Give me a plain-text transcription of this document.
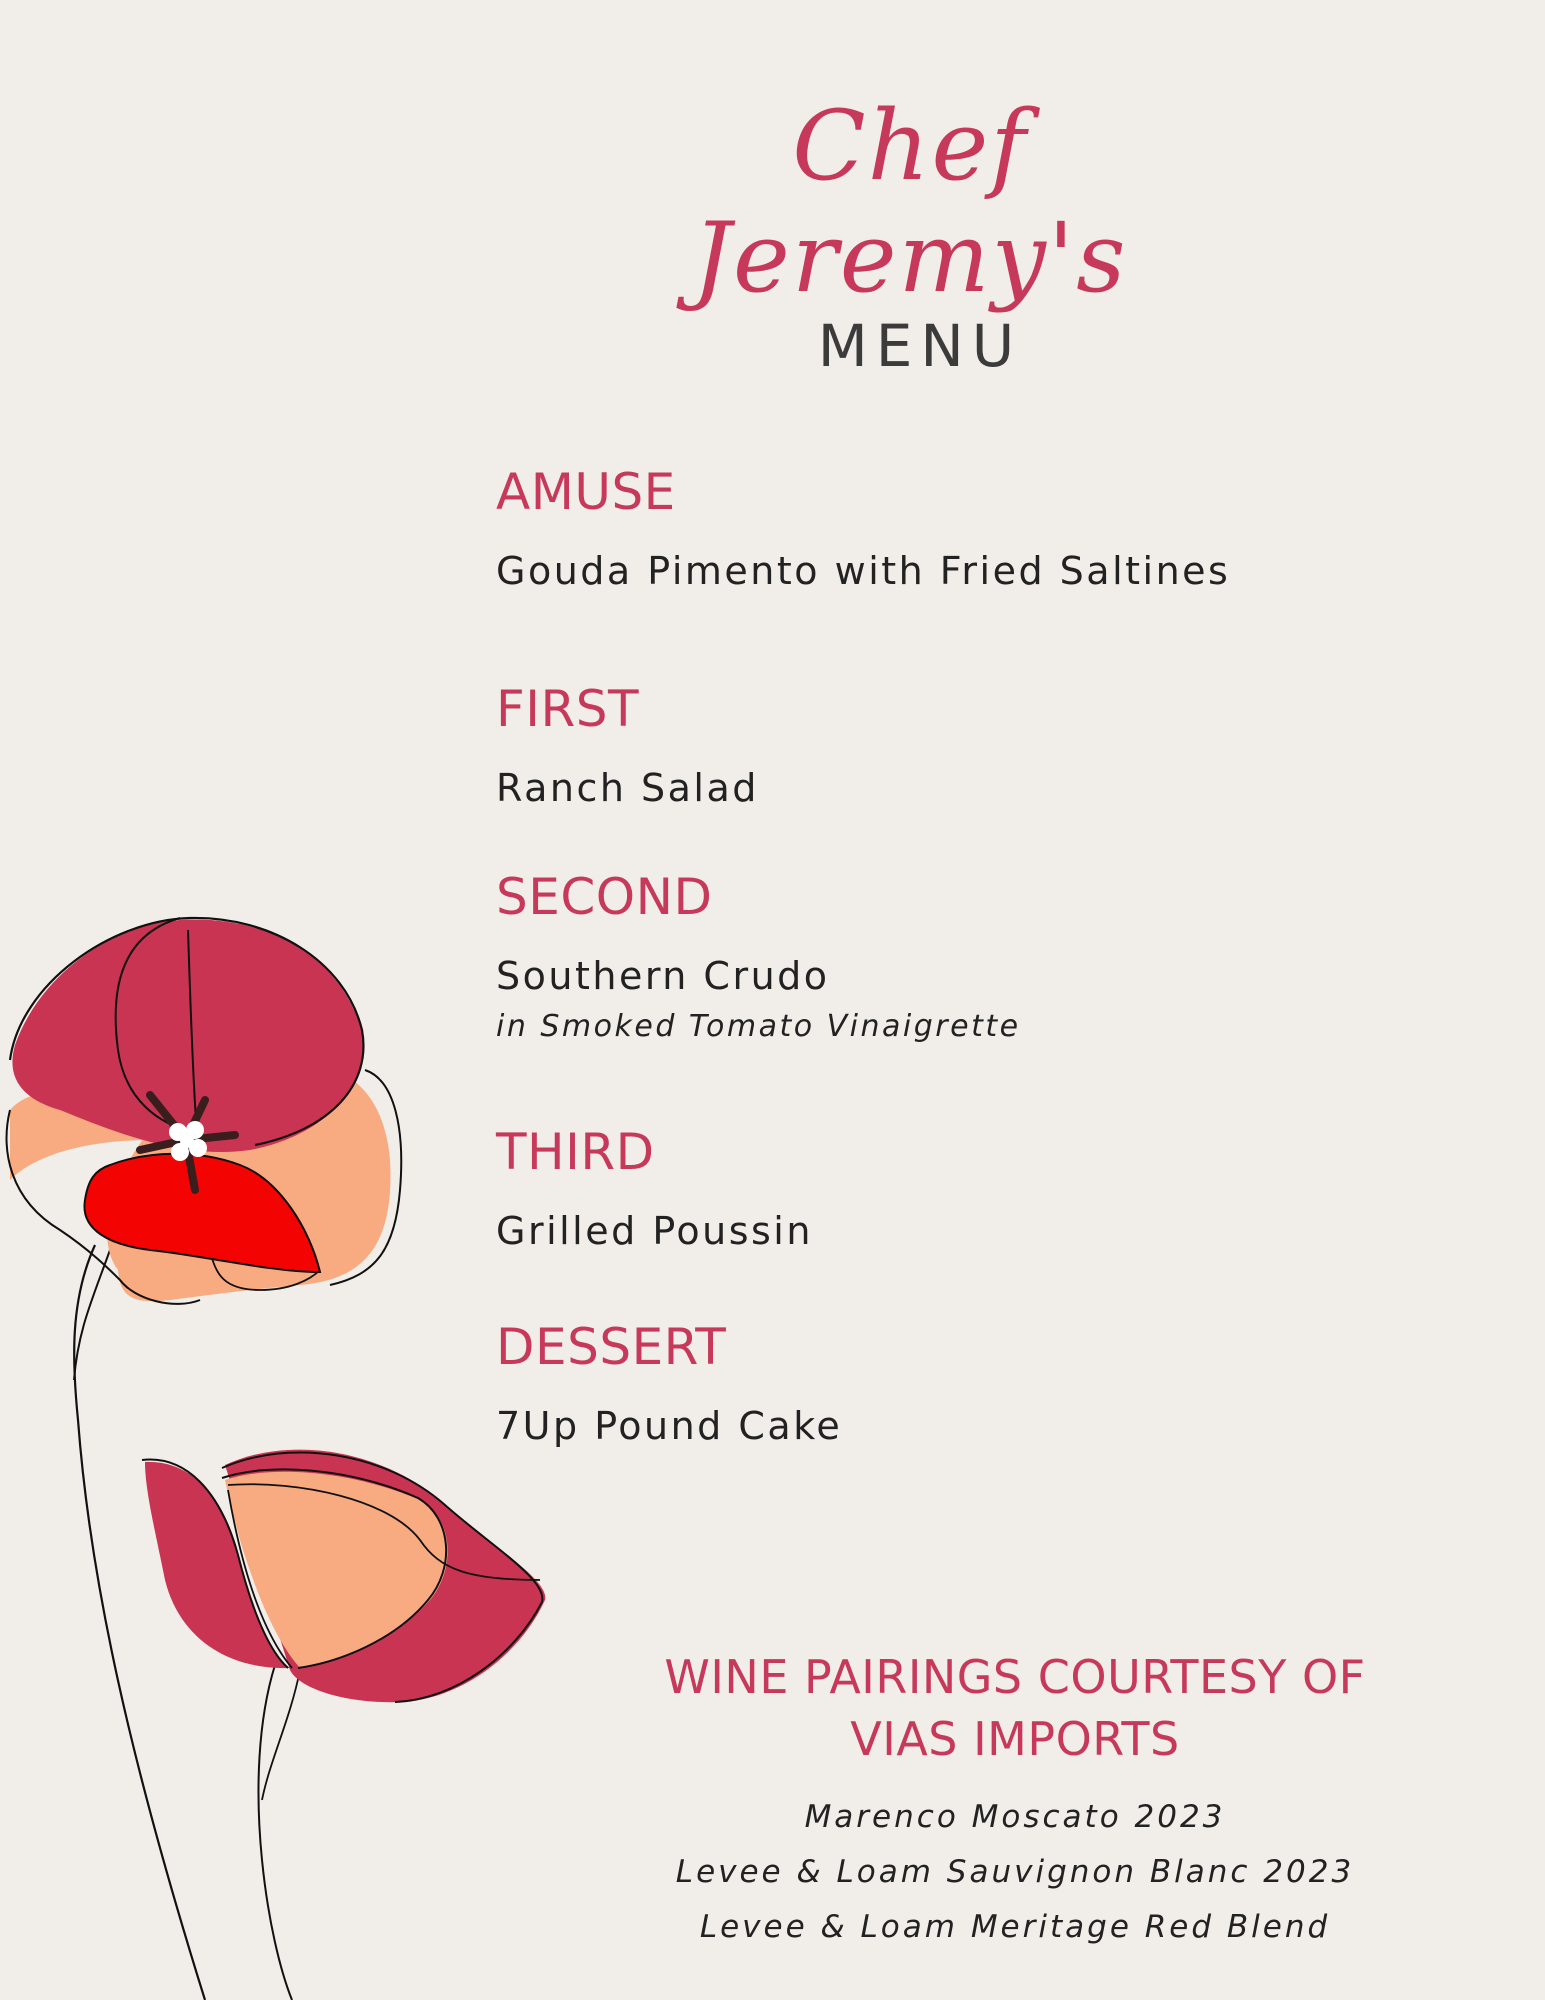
Chef Jeremy's
MENU
AMUSE
Gouda Pimento with Fried Saltines
FIRST
Ranch Salad
SECOND
Southern Crudo
in Smoked Tomato Vinaigrette
THIRD
Grilled Poussin
DESSERT
7Up Pound Cake
WINE PAIRINGS COURTESY OF
VIAS IMPORTS
Marenco Moscato 2023
Levee & Loam Sauvignon Blanc 2023
Levee & Loam Meritage Red Blend
